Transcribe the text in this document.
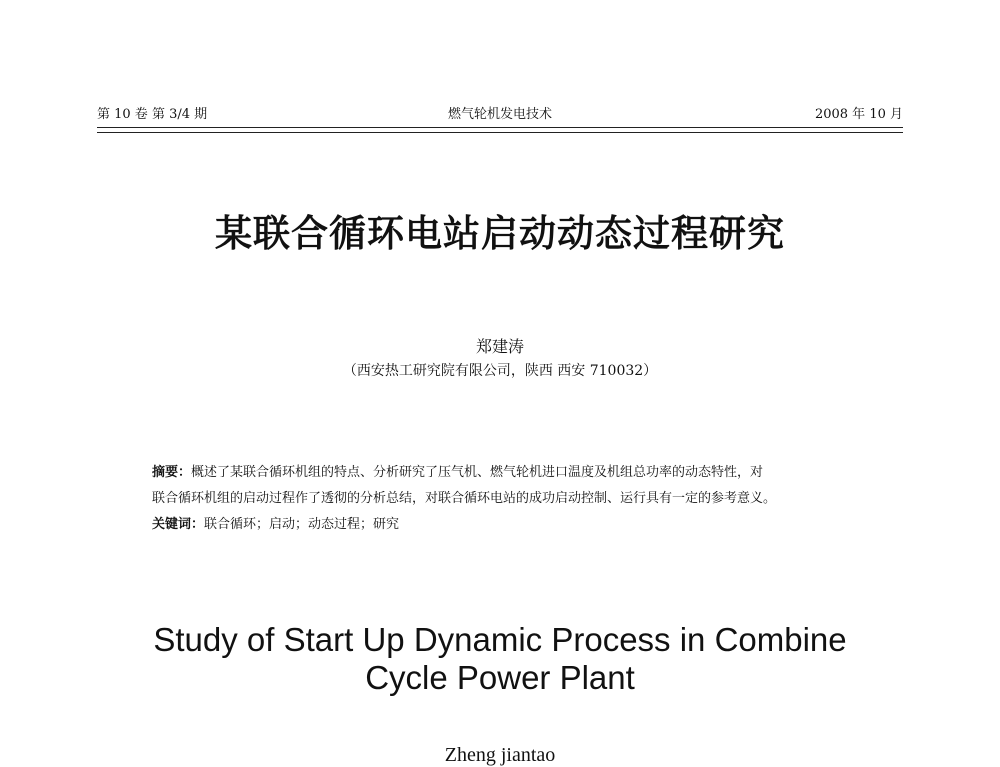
第 10 卷 第 3/4 期	燃气轮机发电技术	2008 年 10 月
某联合循环电站启动动态过程研究
郑建涛
（西安热工研究院有限公司，陕西 西安 710032）
摘要：概述了某联合循环机组的特点、分析研究了压气机、燃气轮机进口温度及机组总功率的动态特性，对
联合循环机组的启动过程作了透彻的分析总结，对联合循环电站的成功启动控制、运行具有一定的参考意义。
关键词：联合循环；启动；动态过程；研究
Study of Start Up Dynamic Process in Combine
Cycle Power Plant
Zheng jiantao
